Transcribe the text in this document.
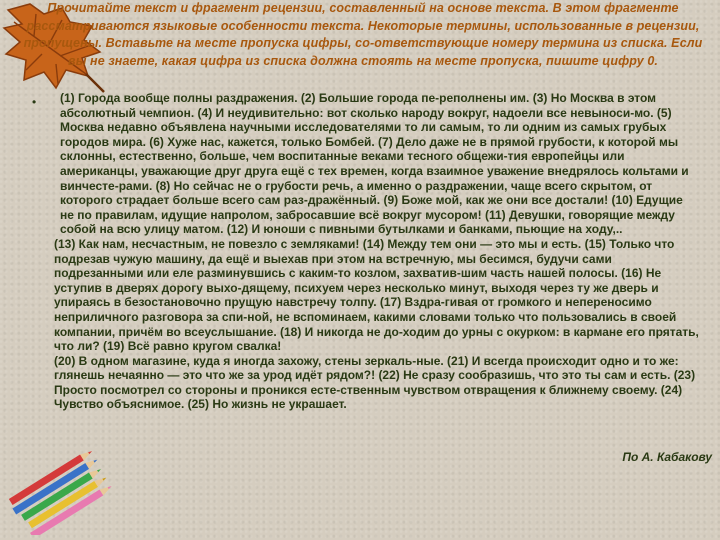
Прочитайте текст и фрагмент рецензии, составленный на основе текста. В этом фрагменте рассматриваются языковые особенности текста. Некоторые термины, использованные в рецензии, пропущены. Вставьте на месте пропуска цифры, со-ответствующие номеру термина из списка. Если вы не знаете, какая цифра из списка должна стоять на месте пропуска, пишите цифру 0.
• (1) Города вообще полны раздражения. (2) Большие города пе-реполнены им. (3) Но Москва в этом абсолютный чемпион. (4) И неудивительно: вот сколько народу вокруг, надоели все невыноси-мо. (5) Москва недавно объявлена научными исследователями то ли самым, то ли одним из самых грубых городов мира. (6) Хуже нас, кажется, только Бомбей. (7) Дело даже не в прямой грубости, к которой мы склонны, естественно, больше, чем воспитанные веками тесного общежи-тия европейцы или американцы, уважающие друг друга ещё с тех времен, когда взаимное уважение внедрялось кольтами и винчесте-рами. (8) Но сейчас не о грубости речь, а именно о раздражении, чаще всего скрытом, от которого страдает больше всего сам раз-дражённый. (9) Боже мой, как же они все достали! (10) Едущие не по правилам, идущие напролом, забросавшие всё вокруг мусором! (11) Девушки, говорящие между собой на всю улицу матом. (12) И юноши с пивными бутылками и банками, пьющие на ходу,..

(13) Как нам, несчастным, не повезло с земляками! (14) Между тем они — это мы и есть. (15) Только что подрезав чужую машину, да ещё и выехав при этом на встречную, мы бесимся, будучи сами подрезанными или еле разминувшись с каким-то козлом, захватив-шим часть нашей полосы. (16) Не уступив в дверях дорогу выхо-дящему, психуем через несколько минут, выходя через ту же дверь и упираясь в безостановочно прущую навстречу толпу. (17) Вздра-гивая от громкого и непереносимо неприличного разговора за спи-ной, не вспоминаем, какими словами только что пользовались в своей компании, причём во всеуслышание. (18) И никогда не до-ходим до урны с окурком: в кармане его прятать, что ли? (19) Всё равно кругом свалка!

(20) В одном магазине, куда я иногда захожу, стены зеркаль-ные. (21) И всегда происходит одно и то же: глянешь нечаянно — это что же за урод идёт рядом?! (22) Не сразу сообразишь, что это ты сам и есть. (23) Просто посмотрел со стороны и проникся есте-ственным чувством отвращения к ближнему своему. (24) Чувство объяснимое. (25) Но жизнь не украшает.

По А. Кабакову
